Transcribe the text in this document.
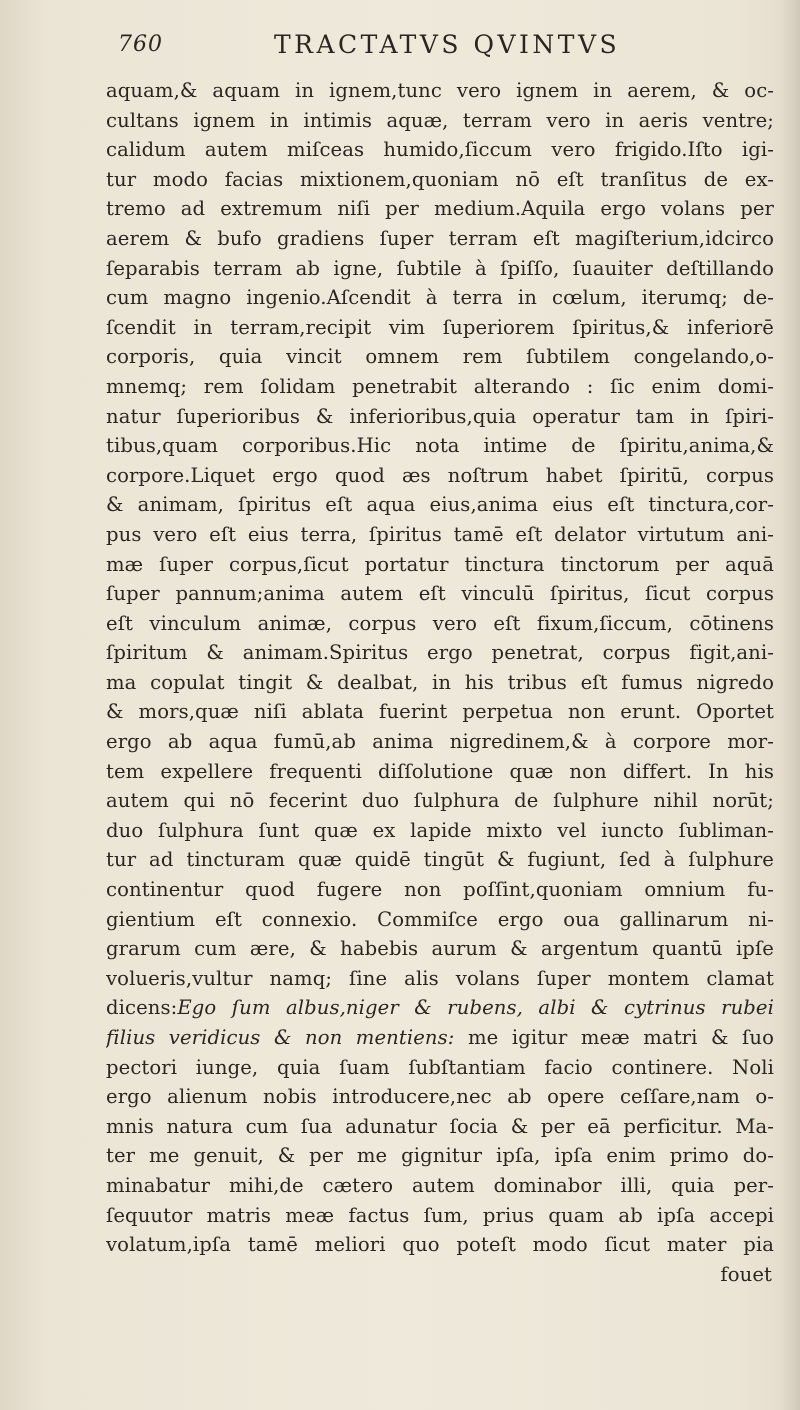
760	TRACTATVS QVINTVS
aquam,& aquam in ignem,tunc vero ignem in aerem, & oc-
cultans ignem in intimis aquæ, terram vero in aeris ventre;
calidum autem miſceas humido,ſiccum vero frigido.Iſto igi-
tur modo facias mixtionem,quoniam nō eſt tranſitus de ex-
tremo ad extremum niſi per medium.Aquila ergo volans per
aerem & bufo gradiens ſuper terram eſt magiſterium,idcirco
ſeparabis terram ab igne, ſubtile à ſpiſſo, ſuauiter deſtillando
cum magno ingenio.Aſcendit à terra in cœlum, iterumq; de-
ſcendit in terram,recipit vim ſuperiorem ſpiritus,& inferiorē
corporis, quia vincit omnem rem ſubtilem congelando,o-
mnemq; rem ſolidam penetrabit alterando : ſic enim domi-
natur ſuperioribus & inferioribus,quia operatur tam in ſpiri-
tibus,quam corporibus.Hic nota intime de ſpiritu,anima,&
corpore.Liquet ergo quod æs noſtrum habet ſpiritū, corpus
& animam, ſpiritus eſt aqua eius,anima eius eſt tinctura,cor-
pus vero eſt eius terra, ſpiritus tamē eſt delator virtutum ani-
mæ ſuper corpus,ſicut portatur tinctura tinctorum per aquā
ſuper pannum;anima autem eſt vinculū ſpiritus, ſicut corpus
eſt vinculum animæ, corpus vero eſt fixum,ſiccum, cōtinens
ſpiritum & animam.Spiritus ergo penetrat, corpus figit,ani-
ma copulat tingit & dealbat, in his tribus eſt fumus nigredo
& mors,quæ niſi ablata fuerint perpetua non erunt. Oportet
ergo ab aqua fumū,ab anima nigredinem,& à corpore mor-
tem expellere frequenti diſſolutione quæ non differt. In his
autem qui nō fecerint duo ſulphura de ſulphure nihil norūt;
duo ſulphura ſunt quæ ex lapide mixto vel iuncto ſubliman-
tur ad tincturam quæ quidē tingūt & fugiunt, ſed à ſulphure
continentur quod fugere non poſſint,quoniam omnium fu-
gientium eſt connexio. Commiſce ergo oua gallinarum ni-
grarum cum ære, & habebis aurum & argentum quantū ipſe
volueris,vultur namq; ſine alis volans ſuper montem clamat
dicens:Ego ſum albus,niger & rubens, albi & cytrinus rubei
filius veridicus & non mentiens: me igitur meæ matri & ſuo
pectori iunge, quia ſuam ſubſtantiam facio continere. Noli
ergo alienum nobis introducere,nec ab opere ceſſare,nam o-
mnis natura cum ſua adunatur ſocia & per eā perficitur. Ma-
ter me genuit, & per me gignitur ipſa, ipſa enim primo do-
minabatur mihi,de cætero autem dominabor illi, quia per-
ſequutor matris meæ factus ſum, prius quam ab ipſa accepi
volatum,ipſa tamē meliori quo poteſt modo ſicut mater pia
fouet
